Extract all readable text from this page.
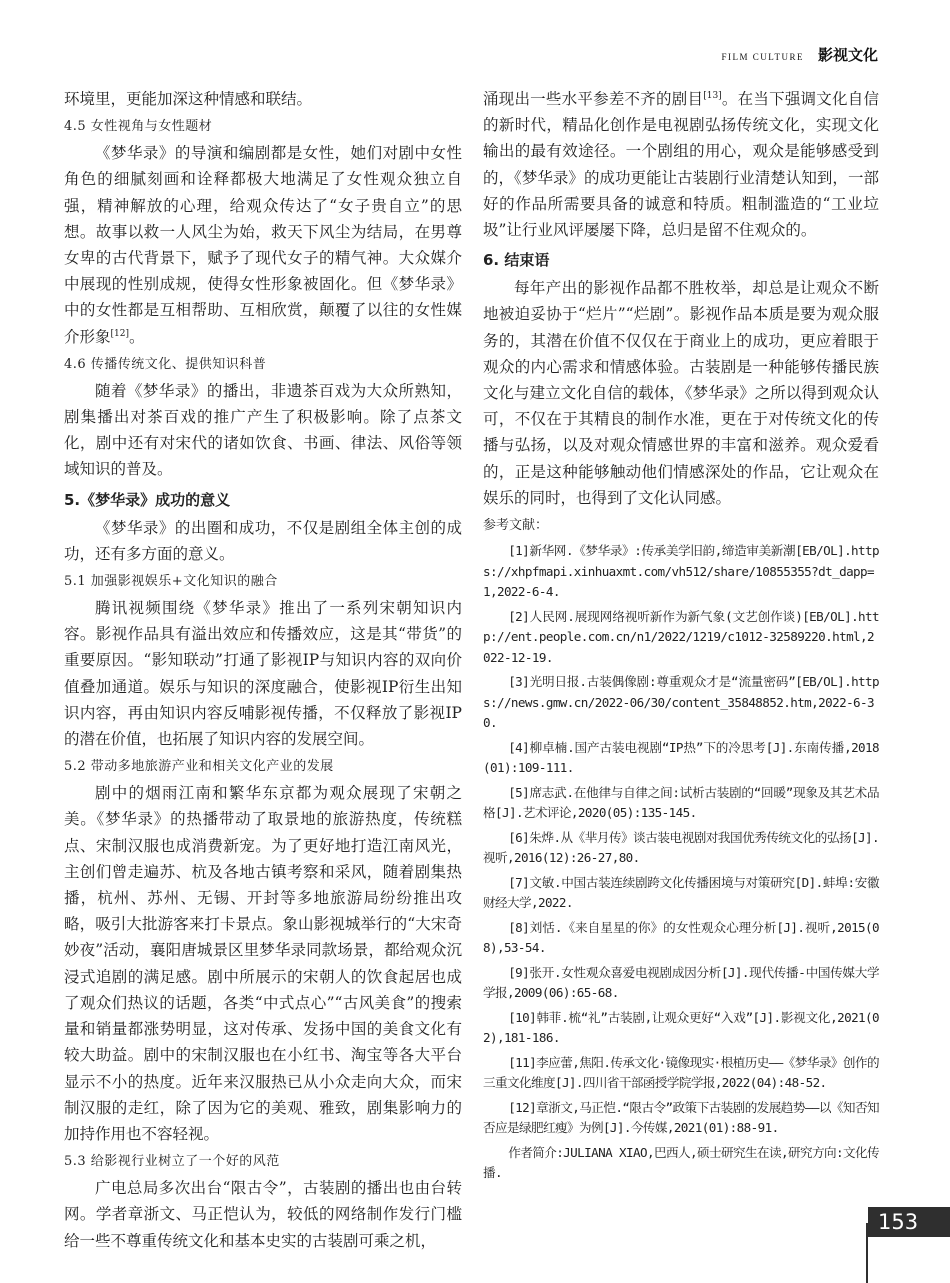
FILM CULTURE 影视文化

环境里，更能加深这种情感和联结。

4.5 女性视角与女性题材

《梦华录》的导演和编剧都是女性，她们对剧中女性角色的细腻刻画和诠释都极大地满足了女性观众独立自强，精神解放的心理，给观众传达了“女子贵自立”的思想。故事以救一人风尘为始，救天下风尘为结局，在男尊女卑的古代背景下，赋予了现代女子的精气神。大众媒介中展现的性别成规，使得女性形象被固化。但《梦华录》中的女性都是互相帮助、互相欣赏，颠覆了以往的女性媒介形象[12]。

4.6 传播传统文化、提供知识科普

随着《梦华录》的播出，非遗茶百戏为大众所熟知，剧集播出对茶百戏的推广产生了积极影响。除了点茶文化，剧中还有对宋代的诸如饮食、书画、律法、风俗等领域知识的普及。

5.《梦华录》成功的意义

《梦华录》的出圈和成功，不仅是剧组全体主创的成功，还有多方面的意义。

5.1 加强影视娱乐+文化知识的融合

腾讯视频围绕《梦华录》推出了一系列宋朝知识内容。影视作品具有溢出效应和传播效应，这是其“带货”的重要原因。“影知联动”打通了影视IP与知识内容的双向价值叠加通道。娱乐与知识的深度融合，使影视IP衍生出知识内容，再由知识内容反哺影视传播，不仅释放了影视IP的潜在价值，也拓展了知识内容的发展空间。

5.2 带动多地旅游产业和相关文化产业的发展

剧中的烟雨江南和繁华东京都为观众展现了宋朝之美。《梦华录》的热播带动了取景地的旅游热度，传统糕点、宋制汉服也成消费新宠。为了更好地打造江南风光，主创们曾走遍苏、杭及各地古镇考察和采风，随着剧集热播，杭州、苏州、无锡、开封等多地旅游局纷纷推出攻略，吸引大批游客来打卡景点。象山影视城举行的“大宋奇妙夜”活动，襄阳唐城景区里梦华录同款场景，都给观众沉浸式追剧的满足感。剧中所展示的宋朝人的饮食起居也成了观众们热议的话题，各类“中式点心”“古风美食”的搜索量和销量都涨势明显，这对传承、发扬中国的美食文化有较大助益。剧中的宋制汉服也在小红书、淘宝等各大平台显示不小的热度。近年来汉服热已从小众走向大众，而宋制汉服的走红，除了因为它的美观、雅致，剧集影响力的加持作用也不容轻视。

5.3 给影视行业树立了一个好的风范

广电总局多次出台“限古令”，古装剧的播出也由台转网。学者章浙文、马正恺认为，较低的网络制作发行门槛给一些不尊重传统文化和基本史实的古装剧可乘之机，

涌现出一些水平参差不齐的剧目[13]。在当下强调文化自信的新时代，精品化创作是电视剧弘扬传统文化，实现文化输出的最有效途径。一个剧组的用心，观众是能够感受到的，《梦华录》的成功更能让古装剧行业清楚认知到，一部好的作品所需要具备的诚意和特质。粗制滥造的“工业垃圾”让行业风评屡屡下降，总归是留不住观众的。

6. 结束语

每年产出的影视作品都不胜枚举，却总是让观众不断地被迫妥协于“烂片”“烂剧”。影视作品本质是要为观众服务的，其潜在价值不仅仅在于商业上的成功，更应着眼于观众的内心需求和情感体验。古装剧是一种能够传播民族文化与建立文化自信的载体，《梦华录》之所以得到观众认可，不仅在于其精良的制作水准，更在于对传统文化的传播与弘扬，以及对观众情感世界的丰富和滋养。观众爱看的，正是这种能够触动他们情感深处的作品，它让观众在娱乐的同时，也得到了文化认同感。

参考文献：

[1]新华网.《梦华录》:传承美学旧韵,缔造审美新潮[EB/OL].https://xhpfmapi.xinhuaxmt.com/vh512/share/10855355?dt_dapp=1,2022-6-4.

[2]人民网.展现网络视听新作为新气象(文艺创作谈)[EB/OL].http://ent.people.com.cn/n1/2022/1219/c1012-32589220.html,2022-12-19.

[3]光明日报.古装偶像剧:尊重观众才是“流量密码”[EB/OL].https://news.gmw.cn/2022-06/30/content_35848852.htm,2022-6-30.

[4]柳卓楠.国产古装电视剧“IP热”下的冷思考[J].东南传播,2018(01):109-111.

[5]席志武.在他律与自律之间:试析古装剧的“回暖”现象及其艺术品格[J].艺术评论,2020(05):135-145.

[6]朱烨.从《芈月传》谈古装电视剧对我国优秀传统文化的弘扬[J].视听,2016(12):26-27,80.

[7]文敏.中国古装连续剧跨文化传播困境与对策研究[D].蚌埠:安徽财经大学,2022.

[8]刘恬.《来自星星的你》的女性观众心理分析[J].视听,2015(08),53-54.

[9]张开.女性观众喜爱电视剧成因分析[J].现代传播-中国传媒大学学报,2009(06):65-68.

[10]韩菲.梳“礼”古装剧,让观众更好“入戏”[J].影视文化,2021(02),181-186.

[11]李应蕾,焦阳.传承文化·镜像现实·根植历史——《梦华录》创作的三重文化维度[J].四川省干部函授学院学报,2022(04):48-52.

[12]章浙文,马正恺.“限古令”政策下古装剧的发展趋势——以《知否知否应是绿肥红瘦》为例[J].今传媒,2021(01):88-91.

作者简介:JULIANA XIAO,巴西人,硕士研究生在读,研究方向:文化传播.

153
